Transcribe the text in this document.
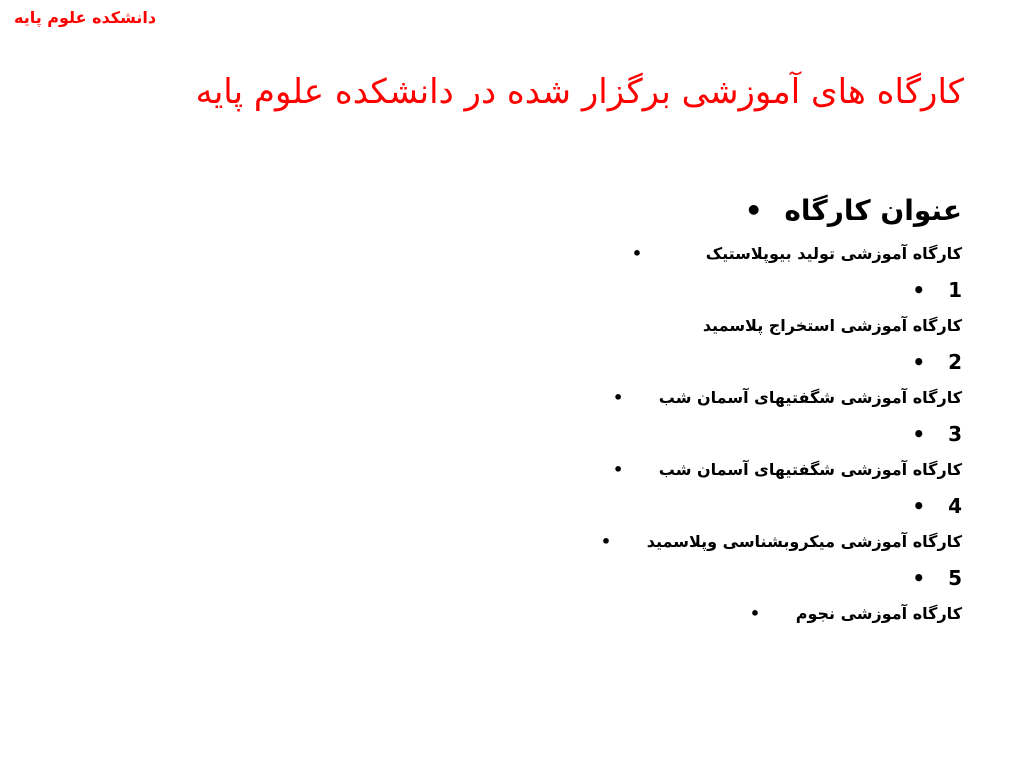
دانشکده علوم پایه
کارگاه های آموزشی برگزار شده در دانشکده علوم پایه
عنوان کارگاه •
کارگاه آموزشی تولید بیوپلاستیک •
1 •
کارگاه آموزشی استخراج پلاسمید
2 •
کارگاه آموزشی شگفتیهای آسمان شب •
3 •
کارگاه آموزشی شگفتیهای آسمان شب •
4 •
کارگاه آموزشی میکروبشناسی وپلاسمید •
5 •
کارگاه آموزشی نجوم •
